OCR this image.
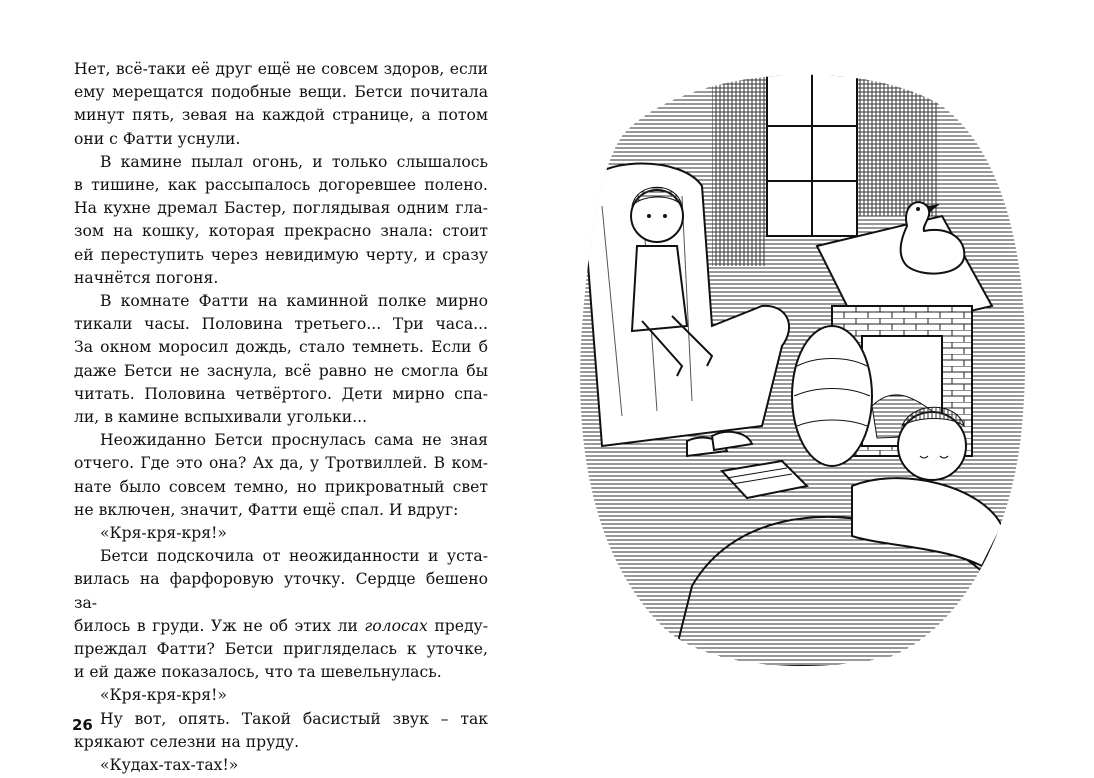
Нет, всё-таки её друг ещё не совсем здоров, если
ему мерещатся подобные вещи. Бетси почитала
минут пять, зевая на каждой странице, а потом
они с Фатти уснули.
В камине пылал огонь, и только слышалось
в тишине, как рассыпалось догоревшее полено.
На кухне дремал Бастер, поглядывая одним гла-
зом на кошку, которая прекрасно знала: стоит
ей переступить через невидимую черту, и сразу
начнётся погоня.
В комнате Фатти на каминной полке мирно
тикали часы. Половина третьего... Три часа...
За окном моросил дождь, стало темнеть. Если б
даже Бетси не заснула, всё равно не смогла бы
читать. Половина четвёртого. Дети мирно спа-
ли, в камине вспыхивали угольки...
Неожиданно Бетси проснулась сама не зная
отчего. Где это она? Ах да, у Тротвиллей. В ком-
нате было совсем темно, но прикроватный свет
не включен, значит, Фатти ещё спал. И вдруг:
«Кря-кря-кря!»
Бетси подскочила от неожиданности и уста-
вилась на фарфоровую уточку. Сердце бешено за-
билось в груди. Уж не об этих ли голосах преду-
преждал Фатти? Бетси пригляделась к уточке,
и ей даже показалось, что та шевельнулась.
«Кря-кря-кря!»
Ну вот, опять. Такой басистый звук – так
крякают селезни на пруду.
«Кудах-тах-тах!»
26
